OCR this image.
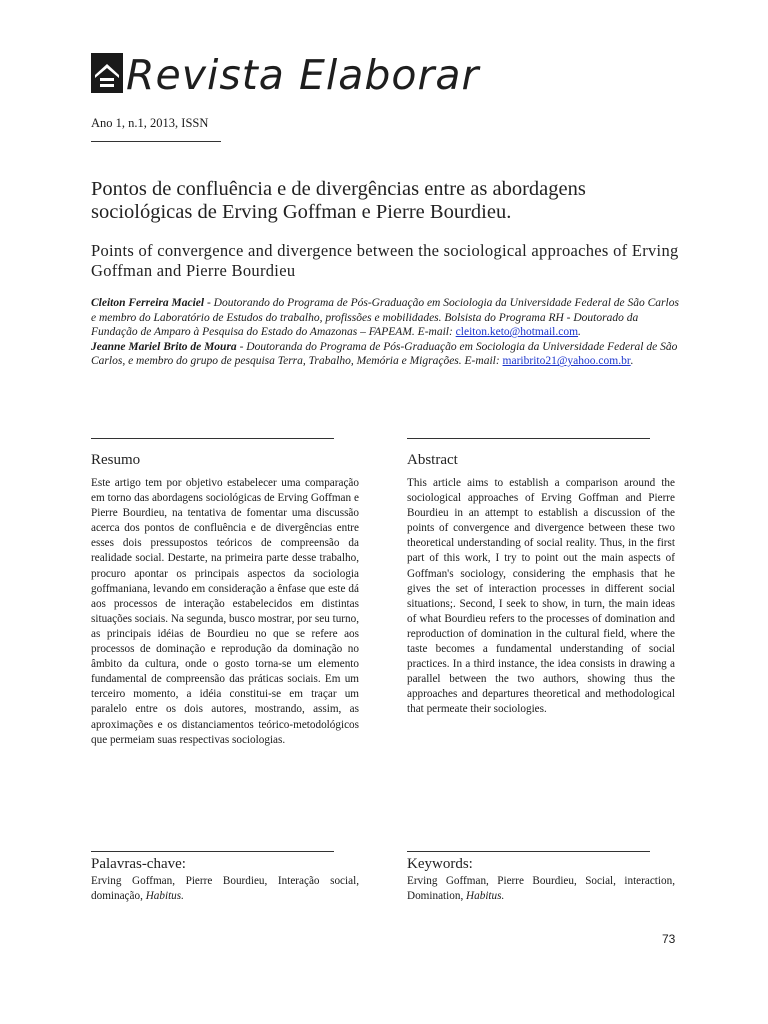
Revista Elaborar
Ano 1, n.1, 2013, ISSN
Pontos de confluência e de divergências entre as abordagens sociológicas de Erving Goffman e Pierre Bourdieu.
Points of convergence and divergence between the sociological approaches of Erving Goffman and Pierre Bourdieu
Cleiton Ferreira Maciel - Doutorando do Programa de Pós-Graduação em Sociologia da Universidade Federal de São Carlos e membro do Laboratório de Estudos do trabalho, profissões e mobilidades. Bolsista do Programa RH - Doutorado da Fundação de Amparo à Pesquisa do Estado do Amazonas – FAPEAM. E-mail: cleiton.keto@hotmail.com.
Jeanne Mariel Brito de Moura - Doutoranda do Programa de Pós-Graduação em Sociologia da Universidade Federal de São Carlos, e membro do grupo de pesquisa Terra, Trabalho, Memória e Migrações. E-mail: maribrito21@yahoo.com.br.
Resumo

Este artigo tem por objetivo estabelecer uma comparação em torno das abordagens sociológicas de Erving Goffman e Pierre Bourdieu, na tentativa de fomentar uma discussão acerca dos pontos de confluência e de divergências entre esses dois pressupostos teóricos de compreensão da realidade social. Destarte, na primeira parte desse trabalho, procuro apontar os principais aspectos da sociologia goffmaniana, levando em consideração a ênfase que este dá aos processos de interação estabelecidos em distintas situações sociais. Na segunda, busco mostrar, por seu turno, as principais idéias de Bourdieu no que se refere aos processos de dominação e reprodução da dominação no âmbito da cultura, onde o gosto torna-se um elemento fundamental de compreensão das práticas sociais. Em um terceiro momento, a idéia constitui-se em traçar um paralelo entre os dois autores, mostrando, assim, as aproximações e os distanciamentos teórico-metodológicos que permeiam suas respectivas sociologias.

Abstract

This article aims to establish a comparison around the sociological approaches of Erving Goffman and Pierre Bourdieu in an attempt to establish a discussion of the points of convergence and divergence between these two theoretical understanding of social reality. Thus, in the first part of this work, I try to point out the main aspects of Goffman's sociology, considering the emphasis that he gives the set of interaction processes in different social situations;. Second, I seek to show, in turn, the main ideas of what Bourdieu refers to the processes of domination and reproduction of domination in the cultural field, where the taste becomes a fundamental understanding of social practices. In a third instance, the idea consists in drawing a parallel between the two authors, showing thus the approaches and departures theoretical and methodological that permeate their sociologies.

Palavras-chave:

Erving Goffman, Pierre Bourdieu, Interação social, dominação, Habitus.

Keywords:

Erving Goffman, Pierre Bourdieu, Social, interaction, Domination, Habitus.

73
